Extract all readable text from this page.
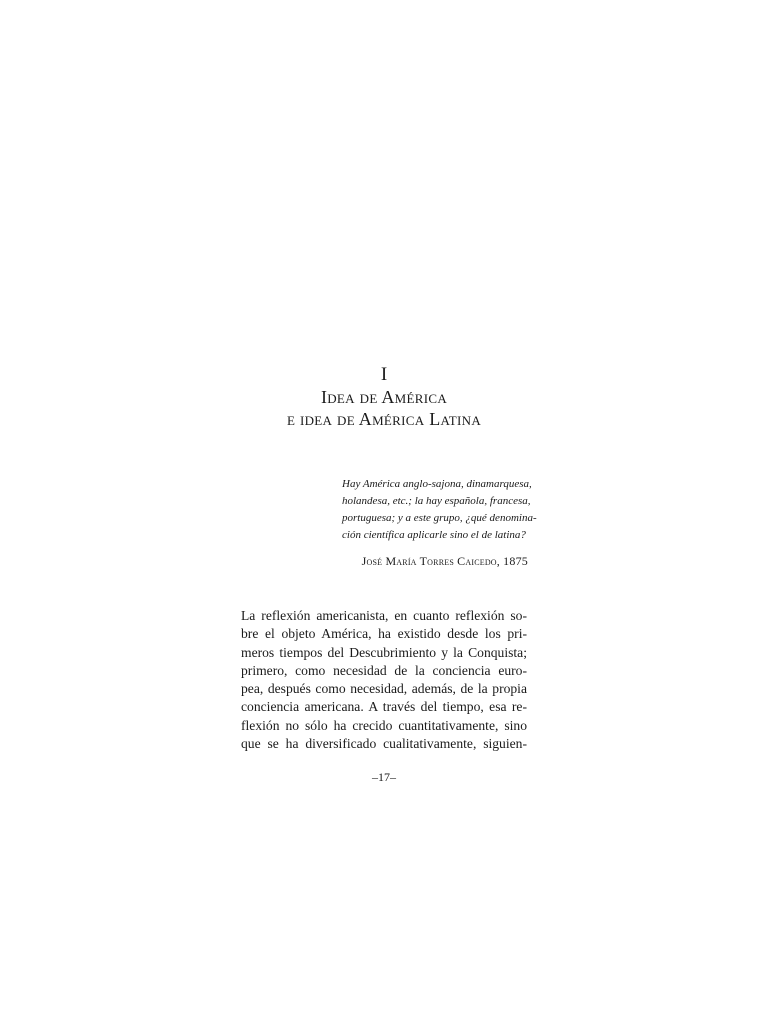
I
Idea de América
e idea de América Latina

Hay América anglo-sajona, dinamarquesa,
holandesa, etc.; la hay española, francesa,
portuguesa; y a este grupo, ¿qué denomina-
ción científica aplicarle sino el de latina?

José María Torres Caicedo, 1875
La reflexión americanista, en cuanto reflexión so-
bre el objeto América, ha existido desde los pri-
meros tiempos del Descubrimiento y la Conquista;
primero, como necesidad de la conciencia euro-
pea, después como necesidad, además, de la propia
conciencia americana. A través del tiempo, esa re-
flexión no sólo ha crecido cuantitativamente, sino
que se ha diversificado cualitativamente, siguien-
–17–
